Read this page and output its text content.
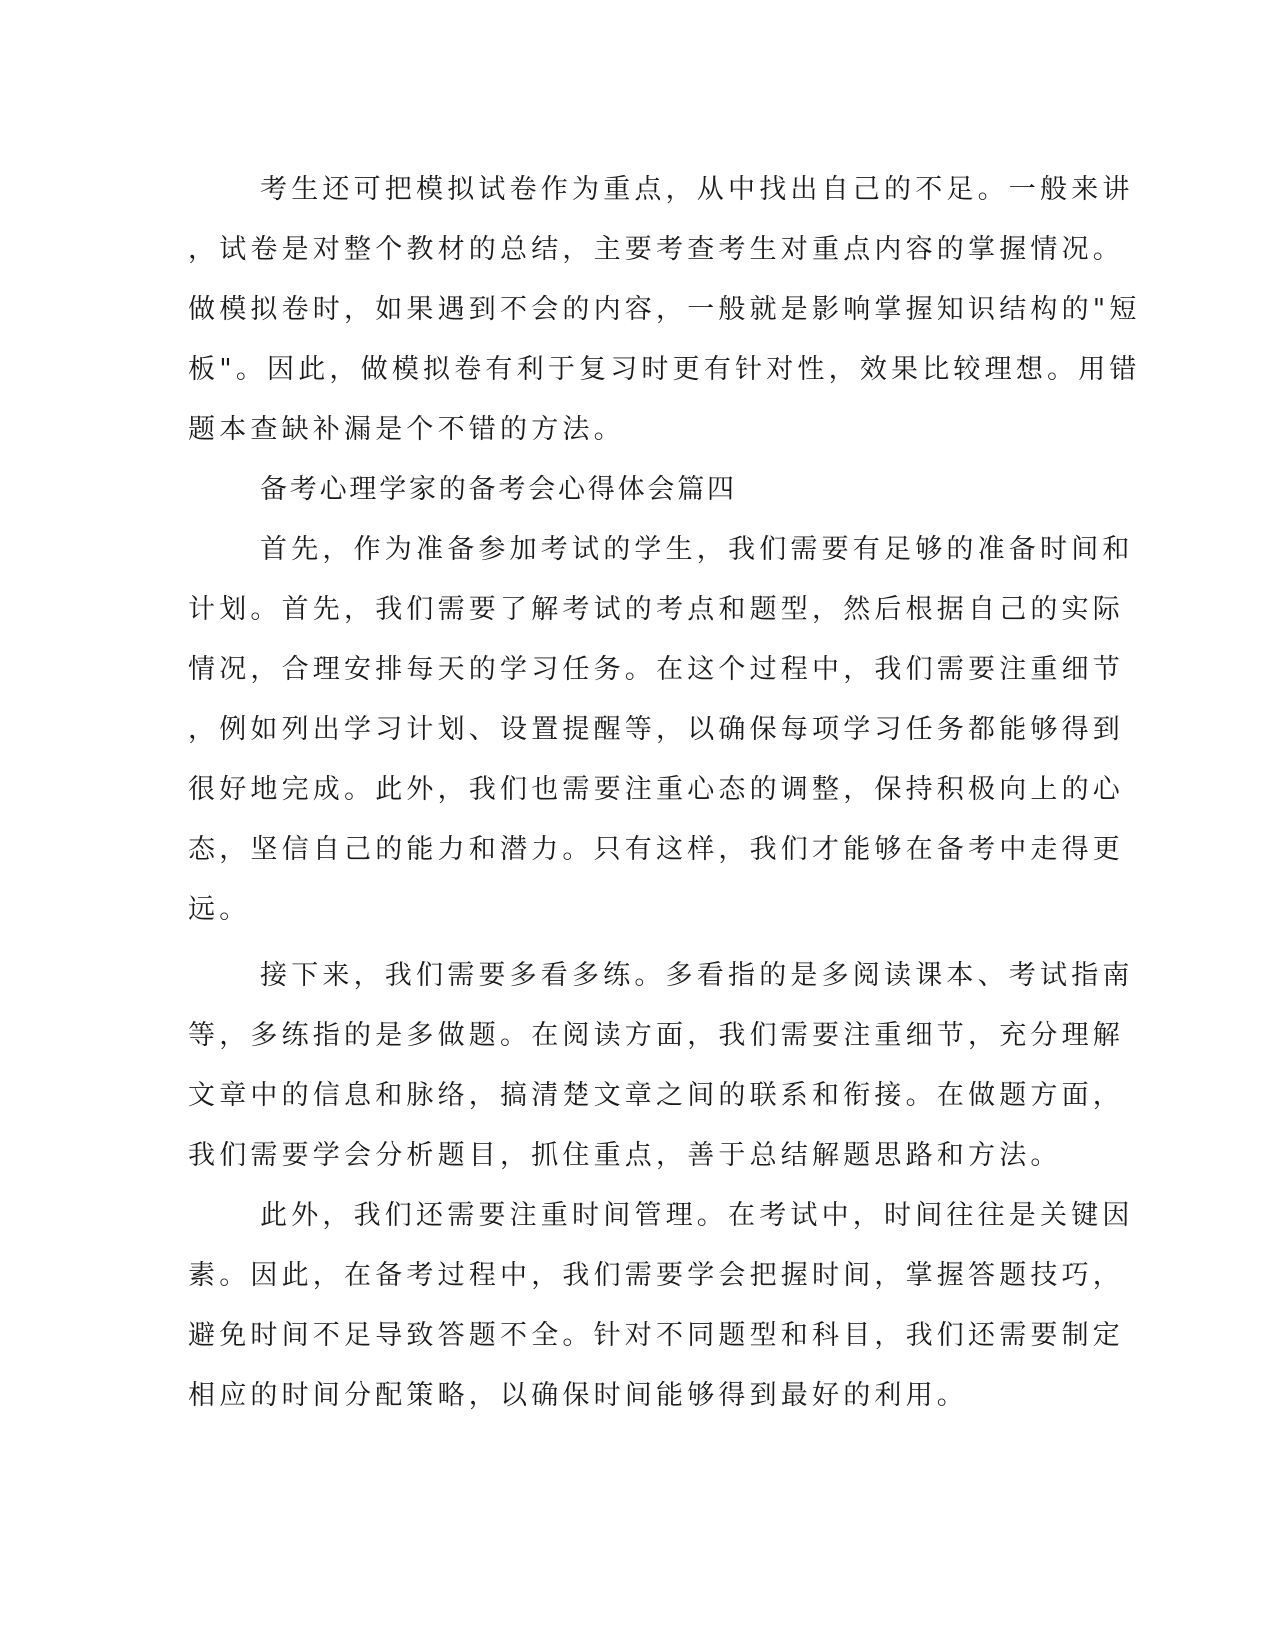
考生还可把模拟试卷作为重点，从中找出自己的不足。一般来讲
，试卷是对整个教材的总结，主要考查考生对重点内容的掌握情况。
做模拟卷时，如果遇到不会的内容，一般就是影响掌握知识结构的"短
板"。因此，做模拟卷有利于复习时更有针对性，效果比较理想。用错
题本查缺补漏是个不错的方法。
备考心理学家的备考会心得体会篇四
首先，作为准备参加考试的学生，我们需要有足够的准备时间和
计划。首先，我们需要了解考试的考点和题型，然后根据自己的实际
情况，合理安排每天的学习任务。在这个过程中，我们需要注重细节
，例如列出学习计划、设置提醒等，以确保每项学习任务都能够得到
很好地完成。此外，我们也需要注重心态的调整，保持积极向上的心
态，坚信自己的能力和潜力。只有这样，我们才能够在备考中走得更
远。
接下来，我们需要多看多练。多看指的是多阅读课本、考试指南
等，多练指的是多做题。在阅读方面，我们需要注重细节，充分理解
文章中的信息和脉络，搞清楚文章之间的联系和衔接。在做题方面，
我们需要学会分析题目，抓住重点，善于总结解题思路和方法。
此外，我们还需要注重时间管理。在考试中，时间往往是关键因
素。因此，在备考过程中，我们需要学会把握时间，掌握答题技巧，
避免时间不足导致答题不全。针对不同题型和科目，我们还需要制定
相应的时间分配策略，以确保时间能够得到最好的利用。
